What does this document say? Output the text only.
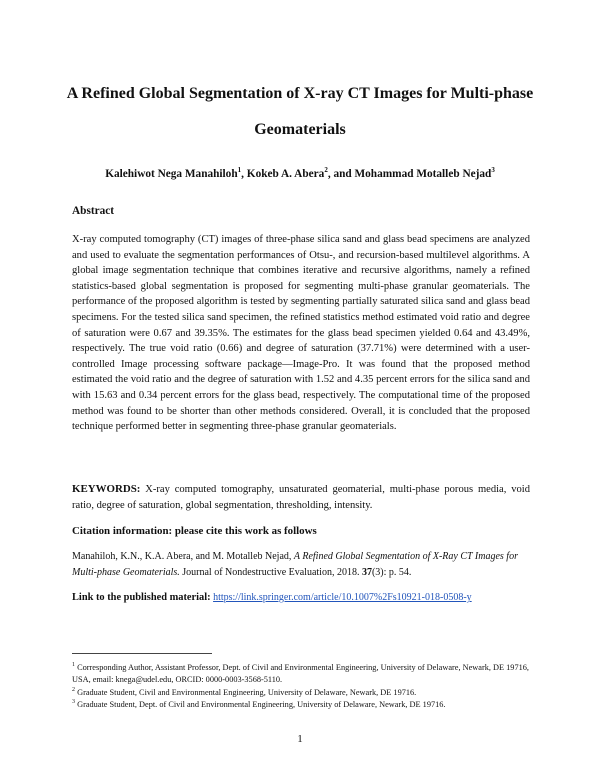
A Refined Global Segmentation of X-ray CT Images for Multi-phase
Geomaterials
Kalehiwot Nega Manahiloh$^1$, Kokeb A. Abera$^2$, and Mohammad Motalleb Nejad$^3$
Abstract
X-ray computed tomography (CT) images of three-phase silica sand and glass bead specimens are analyzed and used to evaluate the segmentation performances of Otsu-, and recursion-based multilevel algorithms. A global image segmentation technique that combines iterative and recursive algorithms, namely a refined statistics-based global segmentation is proposed for segmenting multi-phase granular geomaterials. The performance of the proposed algorithm is tested by segmenting partially saturated silica sand and glass bead specimens. For the tested silica sand specimen, the refined statistics method estimated void ratio and degree of saturation were 0.67 and 39.35%. The estimates for the glass bead specimen yielded 0.64 and 43.49%, respectively. The true void ratio (0.66) and degree of saturation (37.71%) were determined with a user-controlled Image processing software package—Image-Pro. It was found that the proposed method estimated the void ratio and the degree of saturation with 1.52 and 4.35 percent errors for the silica sand and with 15.63 and 0.34 percent errors for the glass bead, respectively. The computational time of the proposed method was found to be shorter than other methods considered. Overall, it is concluded that the proposed technique performed better in segmenting three-phase granular geomaterials.
KEYWORDS: X-ray computed tomography, unsaturated geomaterial, multi-phase porous media, void ratio, degree of saturation, global segmentation, thresholding, intensity.
Citation information: please cite this work as follows
Manahiloh, K.N., K.A. Abera, and M. Motalleb Nejad, A Refined Global Segmentation of X-Ray CT Images for Multi-phase Geomaterials. Journal of Nondestructive Evaluation, 2018. 37(3): p. 54.
Link to the published material: https://link.springer.com/article/10.1007%2Fs10921-018-0508-y
$^1$ Corresponding Author, Assistant Professor, Dept. of Civil and Environmental Engineering, University of Delaware, Newark, DE 19716, USA, email: knega@udel.edu, ORCID: 0000-0003-3568-5110.
$^2$ Graduate Student, Civil and Environmental Engineering, University of Delaware, Newark, DE 19716.
$^3$ Graduate Student, Dept. of Civil and Environmental Engineering, University of Delaware, Newark, DE 19716.
1
